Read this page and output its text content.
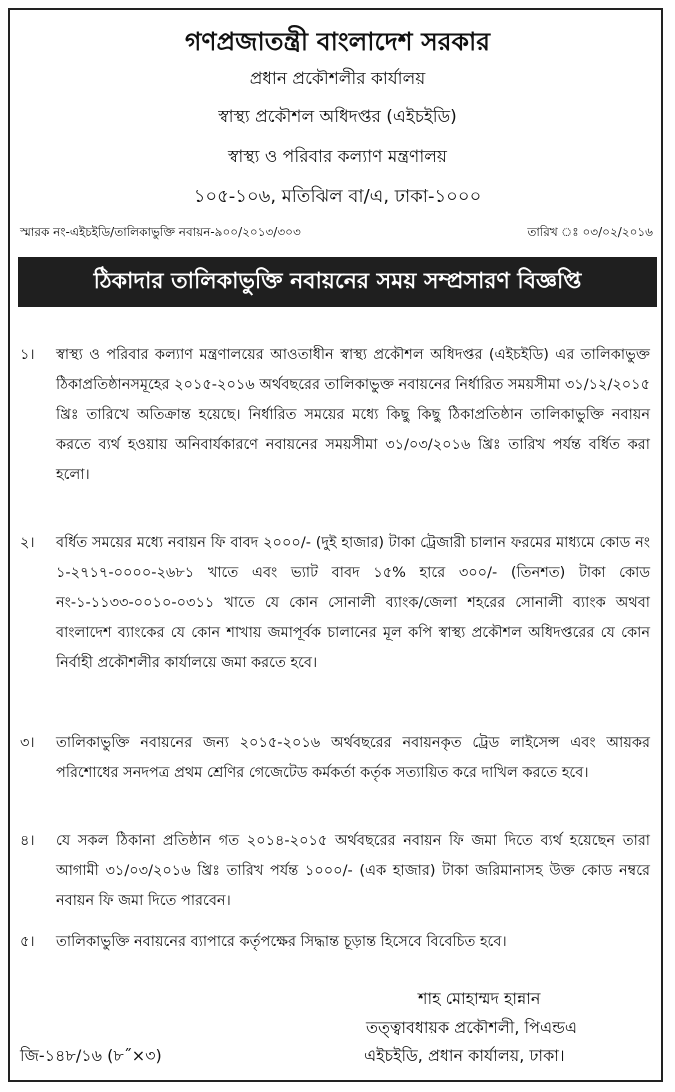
গণপ্রজাতন্ত্রী বাংলাদেশ সরকার
প্রধান প্রকৌশলীর কার্যালয়
স্বাস্থ্য প্রকৌশল অধিদপ্তর (এইচইডি)
স্বাস্থ্য ও পরিবার কল্যাণ মন্ত্রণালয়
১০৫-১০৬, মতিঝিল বা/এ, ঢাকা-১০০০
স্মারক নং-এইচইডি/তালিকাভুক্তি নবায়ন-৯০০/২০১৩/৩০৩	তারিখ ঃ ০৩/০২/২০১৬
ঠিকাদার তালিকাভুক্তি নবায়নের সময় সম্প্রসারণ বিজ্ঞপ্তি
১।	স্বাস্থ্য ও পরিবার কল্যাণ মন্ত্রণালয়ের আওতাধীন স্বাস্থ্য প্রকৌশল অধিদপ্তর (এইচইডি) এর তালিকাভুক্ত ঠিকাপ্রতিষ্ঠানসমূহের ২০১৫-২০১৬ অর্থবছরের তালিকাভুক্ত নবায়নের নির্ধারিত সময়সীমা ৩১/১২/২০১৫ খ্রিঃ তারিখে অতিক্রান্ত হয়েছে। নির্ধারিত সময়ের মধ্যে কিছু কিছু ঠিকাপ্রতিষ্ঠান তালিকাভুক্তি নবায়ন করতে ব্যর্থ হওয়ায় অনিবার্যকারণে নবায়নের সময়সীমা ৩১/০৩/২০১৬ খ্রিঃ তারিখ পর্যন্ত বর্ধিত করা হলো।
২।	বর্ধিত সময়ের মধ্যে নবায়ন ফি বাবদ ২০০০/- (দুই হাজার) টাকা ট্রেজারী চালান ফরমের মাধ্যমে কোড নং ১-২৭১৭-০০০০-২৬৮১ খাতে এবং ভ্যাট বাবদ ১৫% হারে ৩০০/- (তিনশত) টাকা কোড নং-১-১১৩৩-০০১০-০৩১১ খাতে যে কোন সোনালী ব্যাংক/জেলা শহরের সোনালী ব্যাংক অথবা বাংলাদেশ ব্যাংকের যে কোন শাখায় জমাপূর্বক চালানের মূল কপি স্বাস্থ্য প্রকৌশল অধিদপ্তরের যে কোন নির্বাহী প্রকৌশলীর কার্যালয়ে জমা করতে হবে।
৩।	তালিকাভুক্তি নবায়নের জন্য ২০১৫-২০১৬ অর্থবছরের নবায়নকৃত ট্রেড লাইসেন্স এবং আয়কর পরিশোধের সনদপত্র প্রথম শ্রেণির গেজেটেড কর্মকর্তা কর্তৃক সত্যায়িত করে দাখিল করতে হবে।
৪।	যে সকল ঠিকানা প্রতিষ্ঠান গত ২০১৪-২০১৫ অর্থবছরের নবায়ন ফি জমা দিতে ব্যর্থ হয়েছেন তারা আগামী ৩১/০৩/২০১৬ খ্রিঃ তারিখ পর্যন্ত ১০০০/- (এক হাজার) টাকা জরিমানাসহ উক্ত কোড নম্বরে নবায়ন ফি জমা দিতে পারবেন।
৫।	তালিকাভুক্তি নবায়নের ব্যাপারে কর্তৃপক্ষের সিদ্ধান্ত চূড়ান্ত হিসেবে বিবেচিত হবে।
শাহ মোহাম্মদ হান্নান
তত্ত্বাবধায়ক প্রকৌশলী, পিএন্ডএ
এইচইডি, প্রধান কার্যালয়, ঢাকা।
জি-১৪৮/১৬ (৮˝×৩)
